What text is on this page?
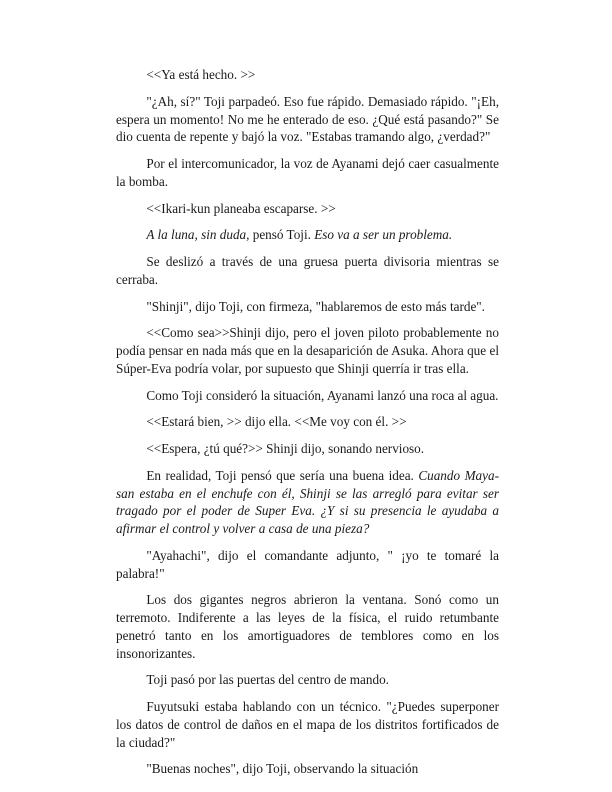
<<Ya está hecho. >>

"¿Ah, sí?" Toji parpadeó. Eso fue rápido. Demasiado rápido. "¡Eh, espera un momento! No me he enterado de eso. ¿Qué está pasando?" Se dio cuenta de repente y bajó la voz. "Estabas tramando algo, ¿verdad?"

Por el intercomunicador, la voz de Ayanami dejó caer casualmente la bomba.

<<Ikari-kun planeaba escaparse. >>

A la luna, sin duda, pensó Toji. Eso va a ser un problema.

Se deslizó a través de una gruesa puerta divisoria mientras se cerraba.

"Shinji", dijo Toji, con firmeza, "hablaremos de esto más tarde".

<<Como sea>>Shinji dijo, pero el joven piloto probablemente no podía pensar en nada más que en la desaparición de Asuka. Ahora que el Súper-Eva podría volar, por supuesto que Shinji querría ir tras ella.

Como Toji consideró la situación, Ayanami lanzó una roca al agua.

<<Estará bien, >> dijo ella. <<Me voy con él. >>

<<Espera, ¿tú qué?>> Shinji dijo, sonando nervioso.

En realidad, Toji pensó que sería una buena idea. Cuando Maya-san estaba en el enchufe con él, Shinji se las arregló para evitar ser tragado por el poder de Super Eva. ¿Y si su presencia le ayudaba a afirmar el control y volver a casa de una pieza?

"Ayahachi", dijo el comandante adjunto, " ¡yo te tomaré la palabra!"

Los dos gigantes negros abrieron la ventana. Sonó como un terremoto. Indiferente a las leyes de la física, el ruido retumbante penetró tanto en los amortiguadores de temblores como en los insonorizantes.

Toji pasó por las puertas del centro de mando.

Fuyutsuki estaba hablando con un técnico. "¿Puedes superponer los datos de control de daños en el mapa de los distritos fortificados de la ciudad?"

"Buenas noches", dijo Toji, observando la situación
